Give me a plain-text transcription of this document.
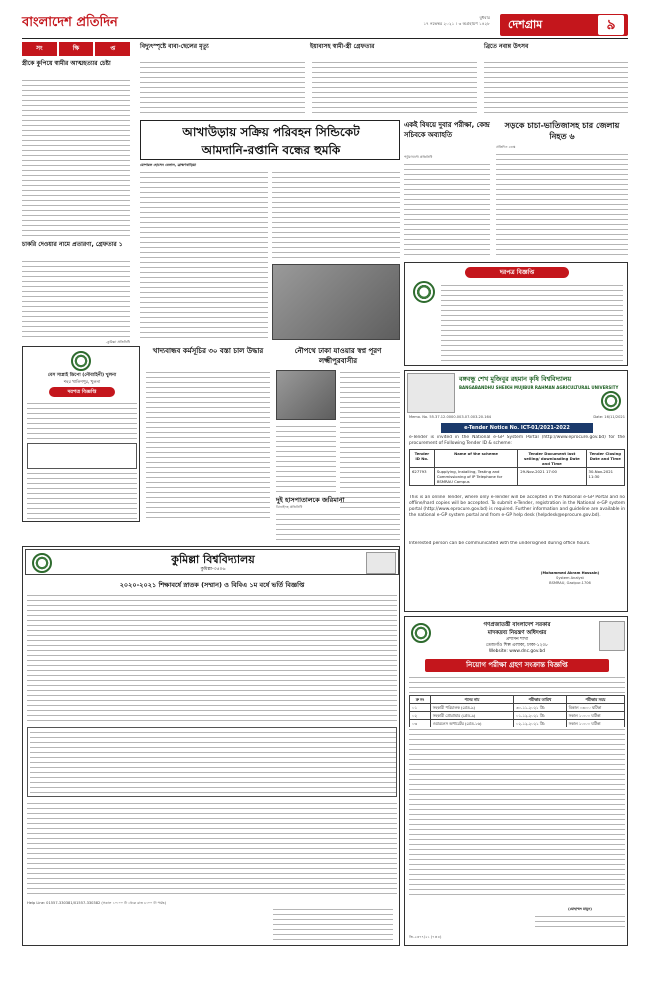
বাংলাদেশ প্রতিদিন	বুধবার
১৭ নভেম্বর ২০২১ । ৩ অগ্রহায়ণ ১৪২৮ দেশগ্রাম	৯
সং	ক্ষি	প্ত	বিদ্যুৎস্পৃষ্টে বাবা-ছেলের মৃত্যু	ইয়াবাসহ স্বামী-স্ত্রী গ্রেফতার	ব্রিতে নবান্ন উৎসব
স্ত্রীকে কুপিয়ে স্বামীর আত্মহত্যার চেষ্টা
চাকরি দেওয়ার নামে প্রতারণা, গ্রেফতার ১
-কুমিল্লা প্রতিনিধি
আখাউড়ায় সক্রিয় পরিবহন সিন্ডিকেট
আমদানি-রপ্তানি বন্ধের হুমকি
মোশারফ হোসেন বেলাল, ব্রাহ্মণবাড়িয়া
একই বিষয়ে দুবার পরীক্ষা, কেন্দ্র সচিবকে অব্যাহতি
পটুয়াখালী প্রতিনিধি
সড়কে চাচা-ভাতিজাসহ চার জেলায় নিহত ৬
প্রতিদিন ডেস্ক
দরপত্র বিজ্ঞপ্তি
বেস সাপ্লাই ডিপো (নৌবাহিনী) খুলনা
শহর খালিশপুর, খুলনা
দরপত্র বিজ্ঞপ্তি
খাদ্যবান্ধব কর্মসূচির ৩০ বস্তা চাল উদ্ধার	নৌপথে ঢাকা যাওয়ার স্বপ্ন পূরণ লক্ষ্মীপুরবাসীর
দুই হাসপাতালকে জরিমানা
ঝিনাইদহ প্রতিনিধি
বঙ্গবন্ধু শেখ মুজিবুর রহমান কৃষি বিশ্ববিদ্যালয়
BANGABANDHU SHEIKH MUJIBUR RAHMAN AGRICULTURAL UNIVERSITY
Memo. No. 55.37.12.0000.003.07.003.20.164	Date: 16/11/2021
e-Tender Notice No. ICT-01/2021-2022
e-Tender is invited in the National e-GP System Portal (http://www.eprocure.gov.bd) for the procurement of Following Tender ID & scheme:
Tender ID No.	Name of the scheme	Tender Document last selling/ downloading Date and Time	Tender Closing Date and Time
627793	Supplying, Installing, Testing and Commissioning of IP Telephone for BSMRAU Campus	29-Nov-2021 17:00	30-Nov-2021 11:30
This is an online Tender, where only e-Tender will be accepted in the National e-GP Portal and no offline/hard copies will be accepted. To submit e-Tender, registration in the National e-GP system portal (http://www.eprocure.gov.bd) is required. Further information and guideline are available in the national e-GP system portal and from e-GP help desk (helpdesk@eprocure.gov.bd).
Interested person can be communicated with the undersigned during office hours.
(Mohammed Akram Hossain)
System Analyst
BSMRAU, Gazipur-1706
কুমিল্লা বিশ্ববিদ্যালয়
কুমিল্লা-৩৫০৬
২০২০-২০২১ শিক্ষাবর্ষে স্নাতক (সম্মান) ও বিবিএ ১ম বর্ষে ভর্তি বিজ্ঞপ্তি
Help Line: 01557-330381/01557-330382 (সকাল ১০:০০ টা থেকে রাত ৮:০০ টা পর্যন্ত)
গণপ্রজাতন্ত্রী বাংলাদেশ সরকার
মাদকদ্রব্য নিয়ন্ত্রণ অধিদপ্তর
প্রশাসন শাখা
তেজগাঁও শিল্প এলাকা, ঢাকা-১২০৮
Website: www.dnc.gov.bd
নিয়োগ পরীক্ষা গ্রহণ সংক্রান্ত বিজ্ঞপ্তি
ক্র নং	পদের নাম	পরীক্ষার তারিখ	পরীক্ষার সময়
০১	সহকারী পরিচালক (গ্রেড-৯)	৩০-১১-২০২১ খ্রি:	বিকাল ০৩:০০ ঘটিকা
০২	সহকারী প্রোগ্রামার (গ্রেড-৯)	০১-১২-২০২১ খ্রি:	সকাল ১০:০০ ঘটিকা
০৩	ওয়ারলেস অপারেটর (গ্রেড-১৬)	০২-১২-২০২১ খ্রি:	সকাল ১০:০০ ঘটিকা
(মোহাম্মদ মামুন)
জি-২৩৭৭/২১ (৭×৪)
